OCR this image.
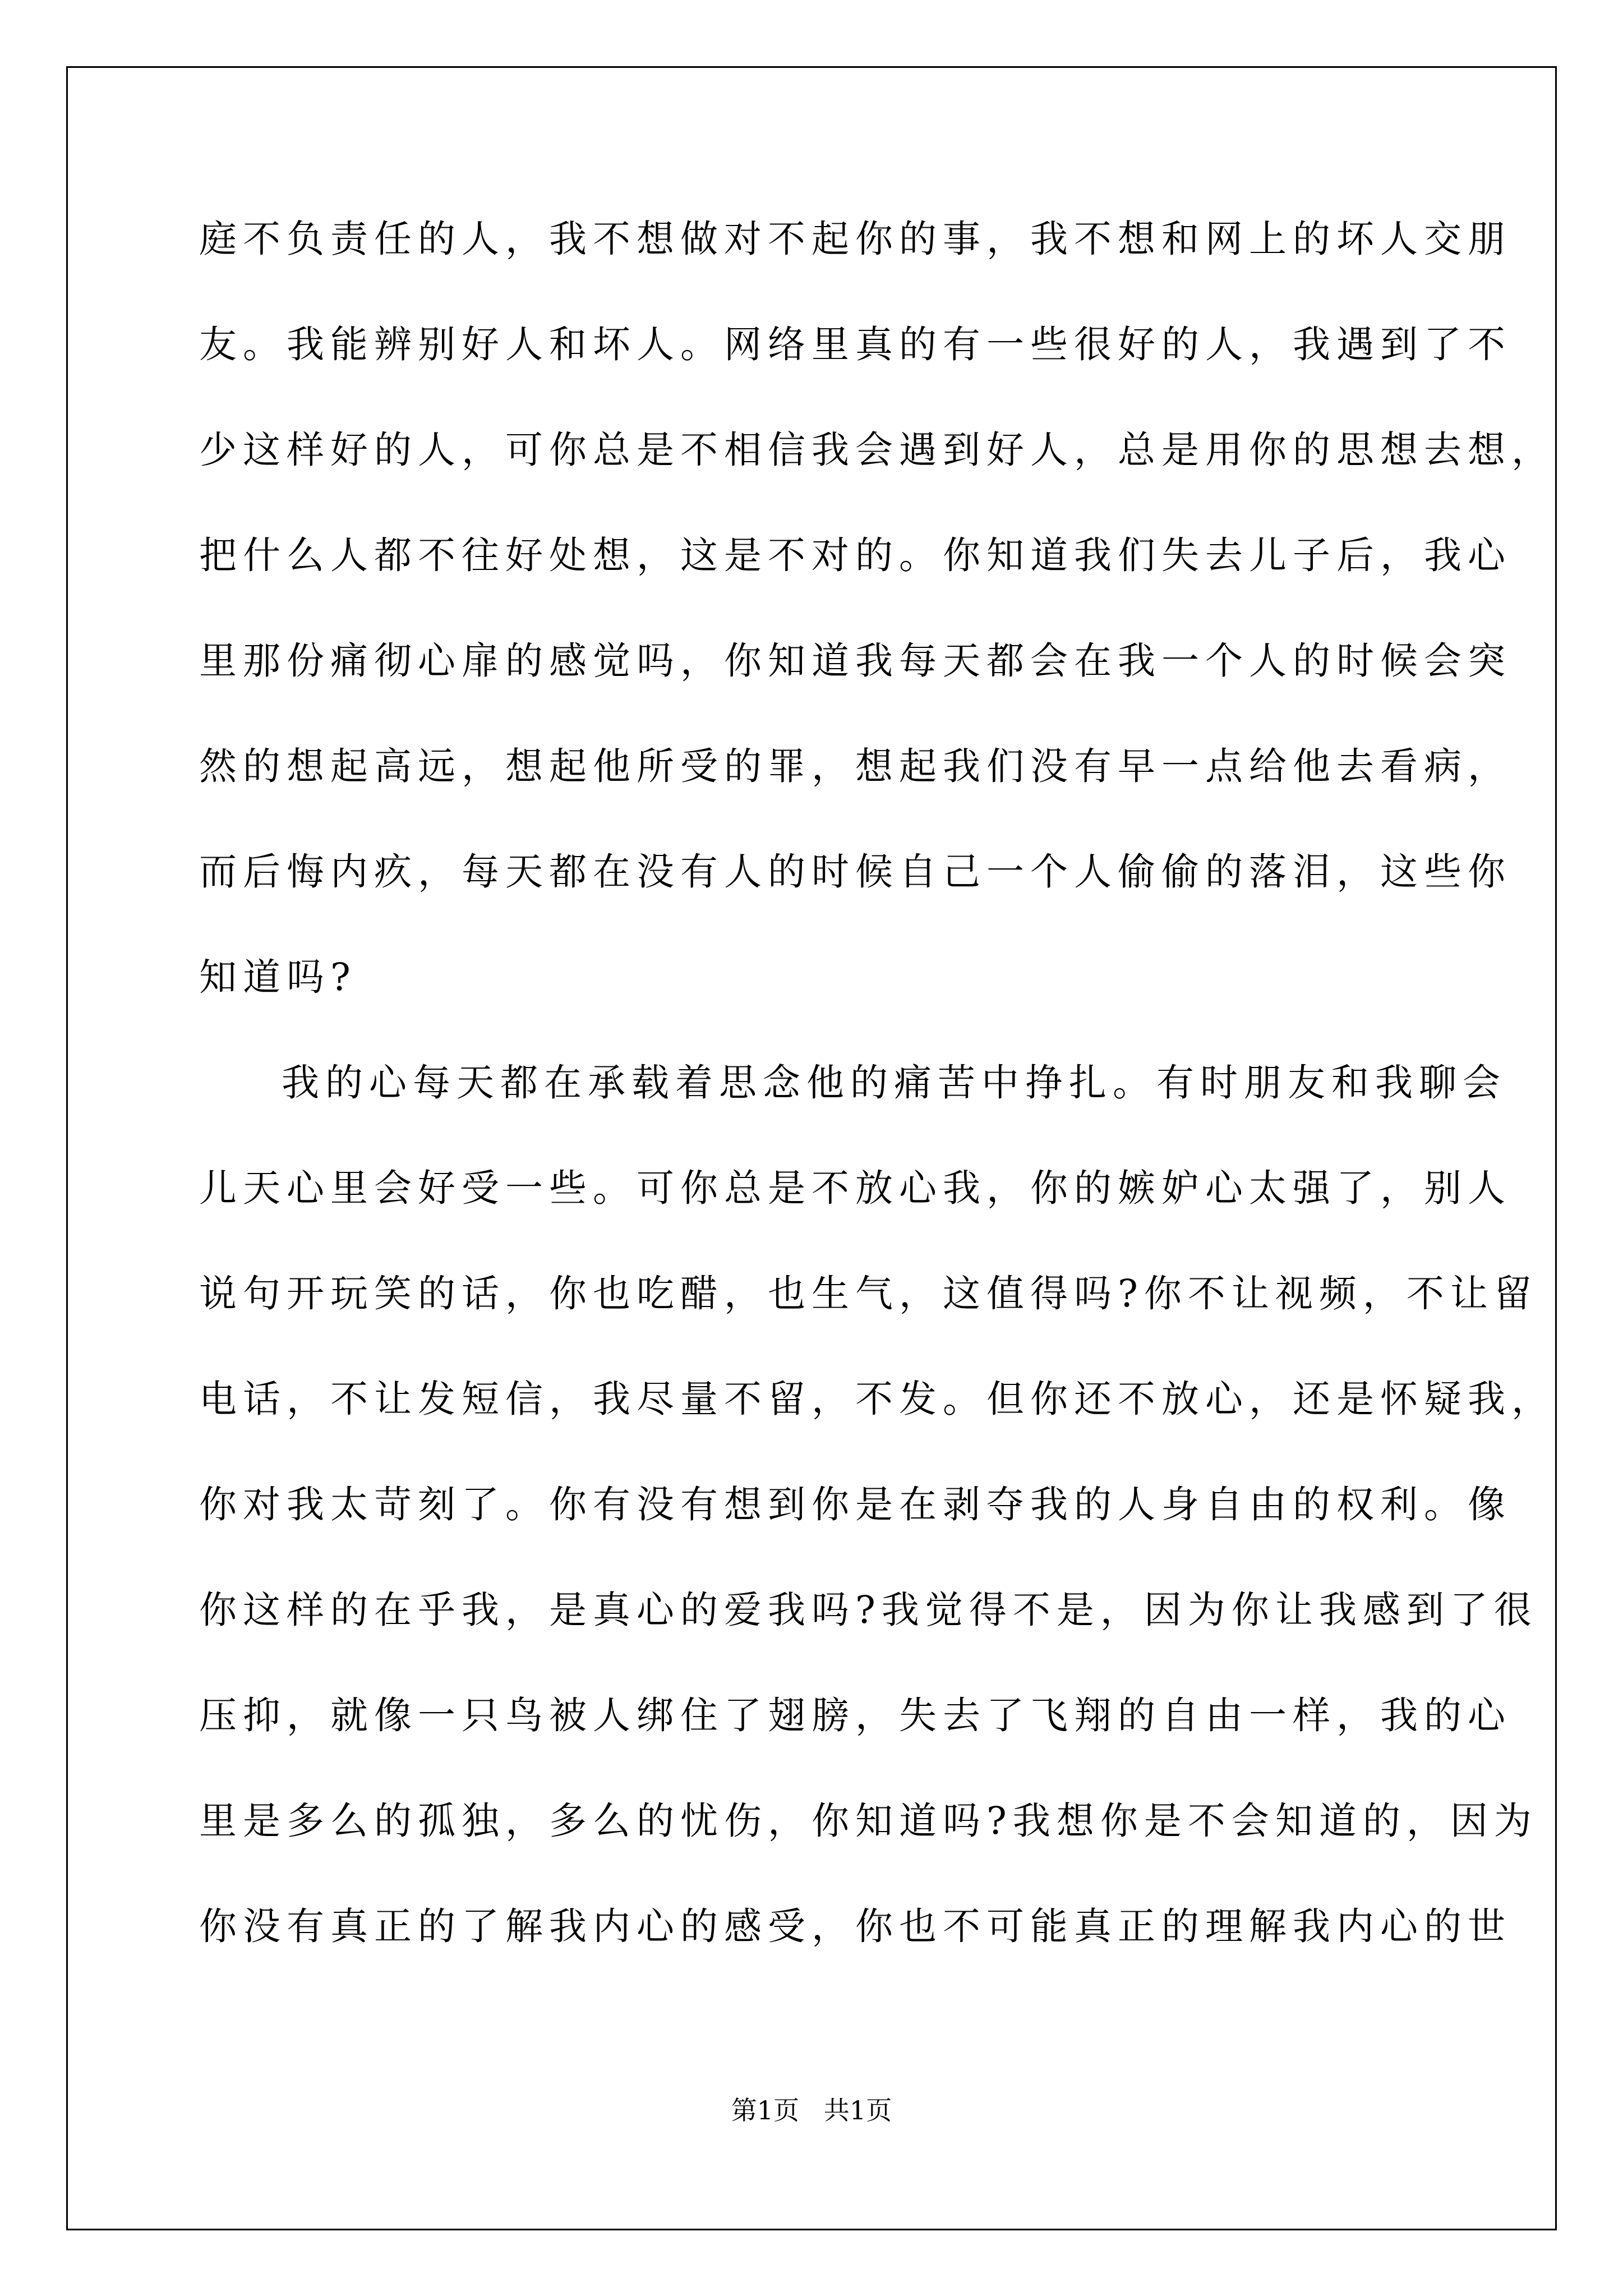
庭不负责任的人，我不想做对不起你的事，我不想和网上的坏人交朋
友。我能辨别好人和坏人。网络里真的有一些很好的人，我遇到了不
少这样好的人，可你总是不相信我会遇到好人，总是用你的思想去想，
把什么人都不往好处想，这是不对的。你知道我们失去儿子后，我心
里那份痛彻心扉的感觉吗，你知道我每天都会在我一个人的时候会突
然的想起高远，想起他所受的罪，想起我们没有早一点给他去看病，
而后悔内疚，每天都在没有人的时候自己一个人偷偷的落泪，这些你
知道吗?
我的心每天都在承载着思念他的痛苦中挣扎。有时朋友和我聊会
儿天心里会好受一些。可你总是不放心我，你的嫉妒心太强了，别人
说句开玩笑的话，你也吃醋，也生气，这值得吗?你不让视频，不让留
电话，不让发短信，我尽量不留，不发。但你还不放心，还是怀疑我，
你对我太苛刻了。你有没有想到你是在剥夺我的人身自由的权利。像
你这样的在乎我，是真心的爱我吗?我觉得不是，因为你让我感到了很
压抑，就像一只鸟被人绑住了翅膀，失去了飞翔的自由一样，我的心
里是多么的孤独，多么的忧伤，你知道吗?我想你是不会知道的，因为
你没有真正的了解我内心的感受，你也不可能真正的理解我内心的世
第1页   共1页
